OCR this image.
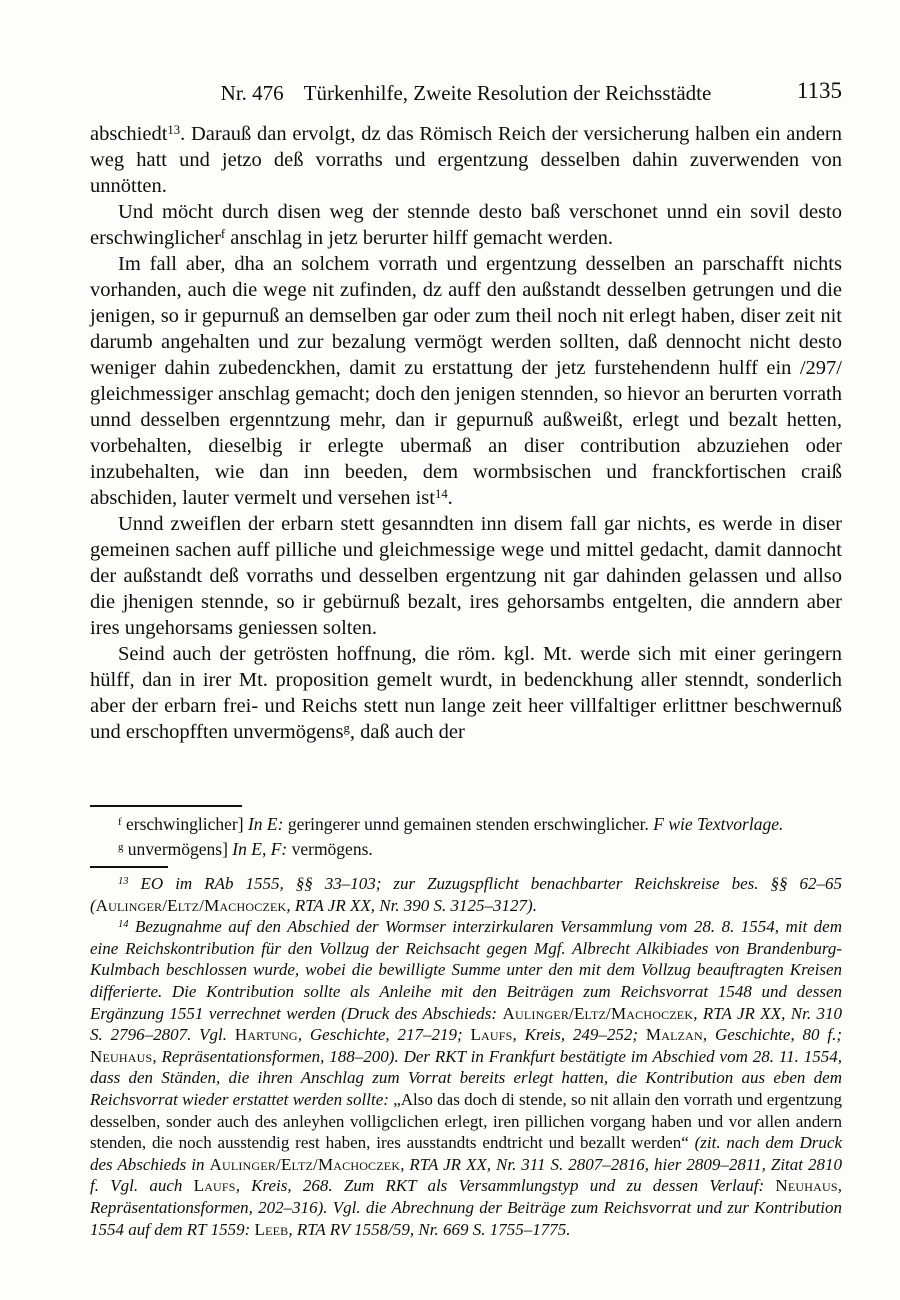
Nr. 476 Türkenhilfe, Zweite Resolution der Reichsstädte	1135

abschiedt$^{13}$. Darauß dan ervolgt, dz das Römisch Reich der versicherung halben ein andern weg hatt und jetzo deß vorraths und ergentzung desselben dahin zuverwenden von unnötten.

Und möcht durch disen weg der stennde desto baß verschonet unnd ein sovil desto erschwinglicher$^f$ anschlag in jetz berurter hilff gemacht werden.

Im fall aber, dha an solchem vorrath und ergentzung desselben an parschafft nichts vorhanden, auch die wege nit zufinden, dz auff den außstandt desselben getrungen und die jenigen, so ir gepurnuß an demselben gar oder zum theil noch nit erlegt haben, diser zeit nit darumb angehalten und zur bezalung vermögt werden sollten, daß dennocht nicht desto weniger dahin zubedenckhen, damit zu erstattung der jetz furstehendenn hulff ein /297/ gleichmessiger anschlag gemacht; doch den jenigen stennden, so hievor an berurten vorrath unnd desselben ergenntzung mehr, dan ir gepurnuß außweißt, erlegt und bezalt hetten, vorbehalten, dieselbig ir erlegte ubermaß an diser contribution abzuziehen oder inzubehalten, wie dan inn beeden, dem wormbsischen und franckfortischen craiß abschiden, lauter vermelt und versehen ist$^{14}$.

Unnd zweiflen der erbarn stett gesanndten inn disem fall gar nichts, es werde in diser gemeinen sachen auff pilliche und gleichmessige wege und mittel gedacht, damit dannocht der außstandt deß vorraths und desselben ergentzung nit gar dahinden gelassen und allso die jhenigen stennde, so ir gebürnuß bezalt, ires gehorsambs entgelten, die anndern aber ires ungehorsams geniessen solten.

Seind auch der getrösten hoffnung, die röm. kgl. Mt. werde sich mit einer geringern hülff, dan in irer Mt. proposition gemelt wurdt, in bedenckhung aller stenndt, sonderlich aber der erbarn frei- und Reichs stett nun lange zeit heer villfaltiger erlittner beschwernuß und erschopfften unvermögens$^g$, daß auch der

$^f$ erschwinglicher] In E: geringerer unnd gemainen stenden erschwinglicher. F wie Textvorlage.

$^g$ unvermögens] In E, F: vermögens.

$^{13}$ EO im RAb 1555, §§ 33–103; zur Zuzugspflicht benachbarter Reichskreise bes. §§ 62–65 (Aulinger/Eltz/Machoczek, RTA JR XX, Nr. 390 S. 3125–3127).

$^{14}$ Bezugnahme auf den Abschied der Wormser interzirkularen Versammlung vom 28. 8. 1554, mit dem eine Reichskontribution für den Vollzug der Reichsacht gegen Mgf. Albrecht Alkibiades von Brandenburg-Kulmbach beschlossen wurde, wobei die bewilligte Summe unter den mit dem Vollzug beauftragten Kreisen differierte. Die Kontribution sollte als Anleihe mit den Beiträgen zum Reichsvorrat 1548 und dessen Ergänzung 1551 verrechnet werden (Druck des Abschieds: Aulinger/Eltz/Machoczek, RTA JR XX, Nr. 310 S. 2796–2807. Vgl. Hartung, Geschichte, 217–219; Laufs, Kreis, 249–252; Malzan, Geschichte, 80 f.; Neuhaus, Repräsentationsformen, 188–200). Der RKT in Frankfurt bestätigte im Abschied vom 28. 11. 1554, dass den Ständen, die ihren Anschlag zum Vorrat bereits erlegt hatten, die Kontribution aus eben dem Reichsvorrat wieder erstattet werden sollte: „Also das doch di stende, so nit allain den vorrath und ergentzung desselben, sonder auch des anleyhen volligclichen erlegt, iren pillichen vorgang haben und vor allen andern stenden, die noch ausstendig rest haben, ires ausstandts endtricht und bezallt werden“ (zit. nach dem Druck des Abschieds in Aulinger/Eltz/Machoczek, RTA JR XX, Nr. 311 S. 2807–2816, hier 2809–2811, Zitat 2810 f. Vgl. auch Laufs, Kreis, 268. Zum RKT als Versammlungstyp und zu dessen Verlauf: Neuhaus, Repräsentationsformen, 202–316). Vgl. die Abrechnung der Beiträge zum Reichsvorrat und zur Kontribution 1554 auf dem RT 1559: Leeb, RTA RV 1558/59, Nr. 669 S. 1755–1775.
